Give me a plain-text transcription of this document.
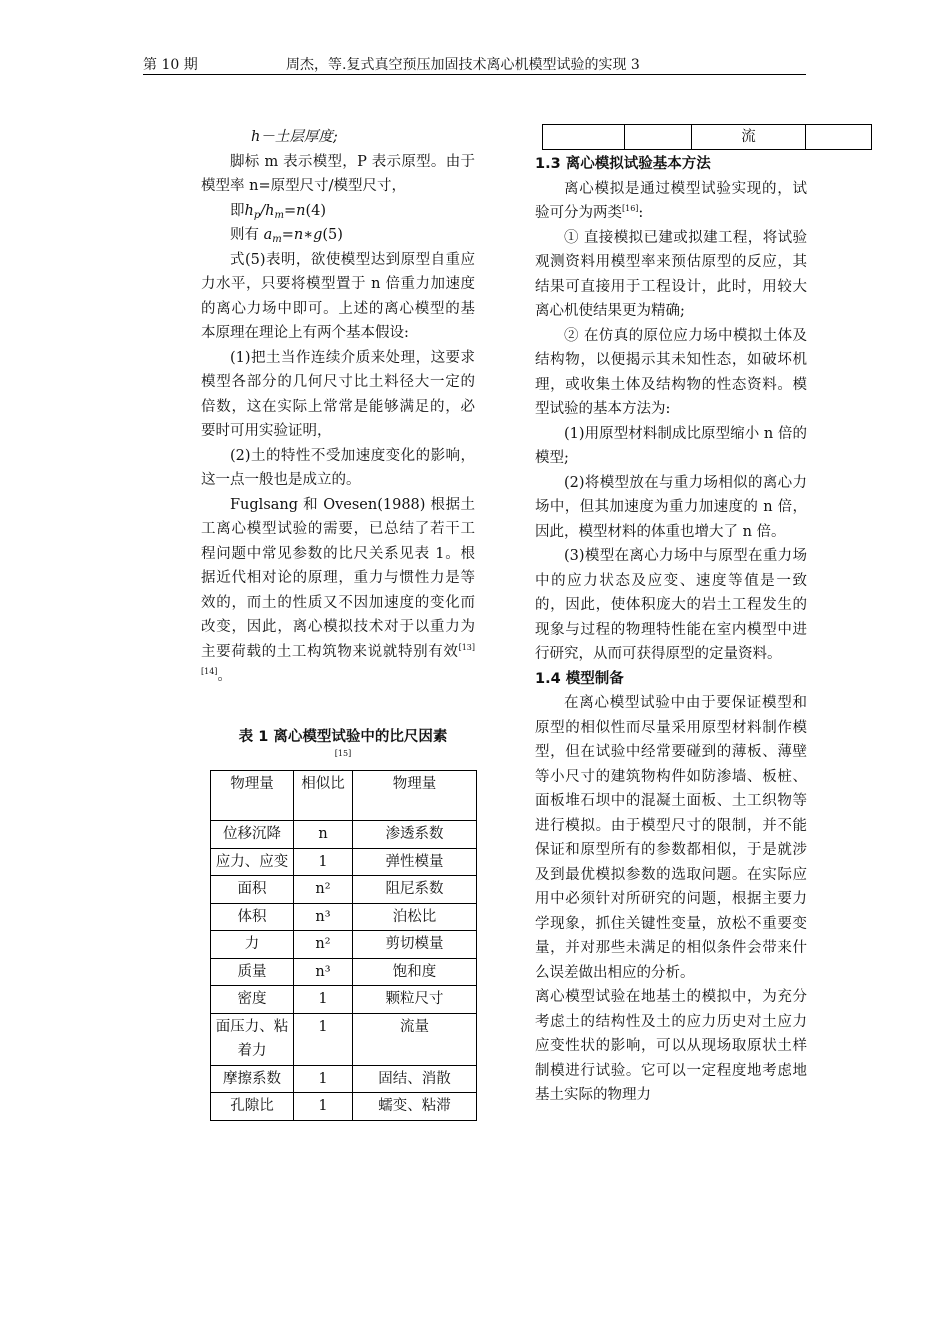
第 10 期	周杰，等.复式真空预压加固技术离心机模型试验的实现 3

h－土层厚度;

脚标 m 表示模型，P 表示原型。由于模型率 n=原型尺寸/模型尺寸，

即$h_p/h_m=n(4)$

则有 $a_m=n∗g(5)$

式(5)表明，欲使模型达到原型自重应力水平，只要将模型置于 n 倍重力加速度的离心力场中即可。上述的离心模型的基本原理在理论上有两个基本假设:

(1)把土当作连续介质来处理，这要求模型各部分的几何尺寸比土料径大一定的倍数，这在实际上常常是能够满足的，必要时可用实验证明，

(2)土的特性不受加速度变化的影响，这一点一般也是成立的。

Fuglsang 和 Ovesen(1988) 根据土工离心模型试验的需要，已总结了若干工程问题中常见参数的比尺关系见表 1。根据近代相对论的原理，重力与惯性力是等效的，而土的性质又不因加速度的变化而改变，因此，离心模拟技术对于以重力为主要荷载的土工构筑物来说就特别有效[13][14]。

表 1 离心模型试验中的比尺因素
[15]
物理量	相似比	物理量

位移沉降	n	渗透系数
应力、应变	1	弹性模量
面积	n²	阻尼系数
体积	n³	泊松比
力	n²	剪切模量
质量	n³	饱和度
密度	1	颗粒尺寸
面压力、粘着力	1	流量
摩擦系数	1	固结、消散
孔隙比	1	蠕变、粘滞
		流	

1.3 离心模拟试验基本方法

离心模拟是通过模型试验实现的，试验可分为两类[16]:

① 直接模拟已建或拟建工程，将试验观测资料用模型率来预估原型的反应，其结果可直接用于工程设计，此时，用较大离心机使结果更为精确;

② 在仿真的原位应力场中模拟土体及结构物，以便揭示其未知性态，如破坏机理，或收集土体及结构物的性态资料。模型试验的基本方法为:

(1)用原型材料制成比原型缩小 n 倍的模型;

(2)将模型放在与重力场相似的离心力场中，但其加速度为重力加速度的 n 倍，因此，模型材料的体重也增大了 n 倍。

(3)模型在离心力场中与原型在重力场中的应力状态及应变、速度等值是一致的，因此，使体积庞大的岩土工程发生的现象与过程的物理特性能在室内模型中进行研究，从而可获得原型的定量资料。

1.4 模型制备

在离心模型试验中由于要保证模型和原型的相似性而尽量采用原型材料制作模型，但在试验中经常要碰到的薄板、薄壁等小尺寸的建筑物构件如防渗墙、板桩、面板堆石坝中的混凝土面板、土工织物等进行模拟。由于模型尺寸的限制，并不能保证和原型所有的参数都相似，于是就涉及到最优模拟参数的选取问题。在实际应用中必须针对所研究的问题，根据主要力学现象，抓住关键性变量，放松不重要变量，并对那些未满足的相似条件会带来什么误差做出相应的分析。

离心模型试验在地基土的模拟中，为充分考虑土的结构性及土的应力历史对土应力应变性状的影响，可以从现场取原状土样制模进行试验。它可以一定程度地考虑地基土实际的物理力
